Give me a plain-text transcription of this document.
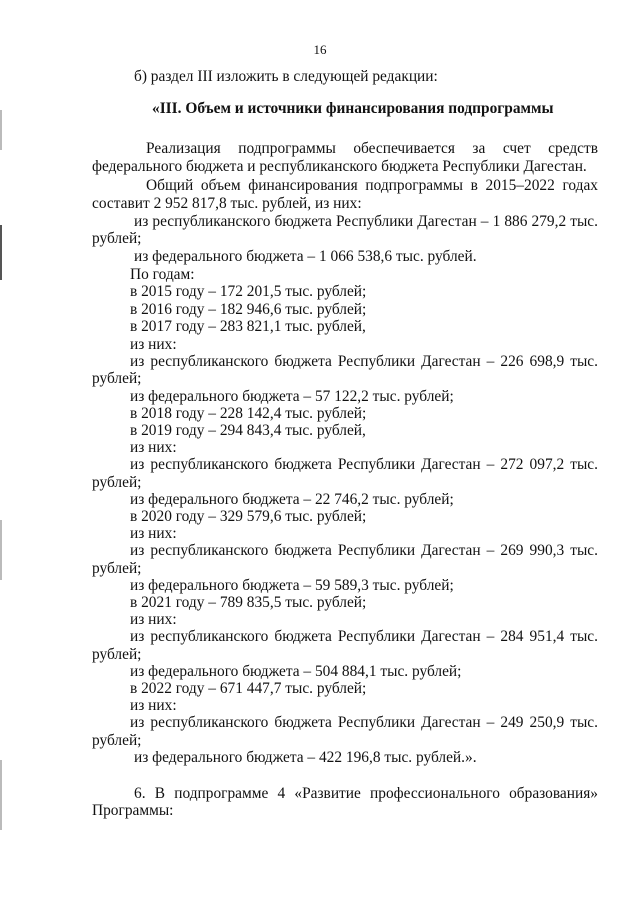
16
б) раздел III изложить в следующей редакции:
«III. Объем и источники финансирования подпрограммы
Реализация подпрограммы обеспечивается за счет средств
федерального бюджета и республиканского бюджета Республики Дагестан.
Общий объем финансирования подпрограммы в 2015–2022 годах
составит 2 952 817,8 тыс. рублей, из них:
из республиканского бюджета Республики Дагестан – 1 886 279,2 тыс.
рублей;
из федерального бюджета – 1 066 538,6 тыс. рублей.
По годам:
в 2015 году – 172 201,5 тыс. рублей;
в 2016 году – 182 946,6 тыс. рублей;
в 2017 году – 283 821,1 тыс. рублей,
из них:
из республиканского бюджета Республики Дагестан – 226 698,9 тыс.
рублей;
из федерального бюджета – 57 122,2 тыс. рублей;
в 2018 году – 228 142,4 тыс. рублей;
в 2019 году – 294 843,4 тыс. рублей,
из них:
из республиканского бюджета Республики Дагестан – 272 097,2 тыс.
рублей;
из федерального бюджета – 22 746,2 тыс. рублей;
в 2020 году – 329 579,6 тыс. рублей;
из них:
из республиканского бюджета Республики Дагестан – 269 990,3 тыс.
рублей;
из федерального бюджета – 59 589,3 тыс. рублей;
в 2021 году – 789 835,5 тыс. рублей;
из них:
из республиканского бюджета Республики Дагестан – 284 951,4 тыс.
рублей;
из федерального бюджета – 504 884,1 тыс. рублей;
в 2022 году – 671 447,7 тыс. рублей;
из них:
из республиканского бюджета Республики Дагестан – 249 250,9 тыс.
рублей;
из федерального бюджета – 422 196,8 тыс. рублей.».
6. В подпрограмме 4 «Развитие профессионального образования»
Программы:
